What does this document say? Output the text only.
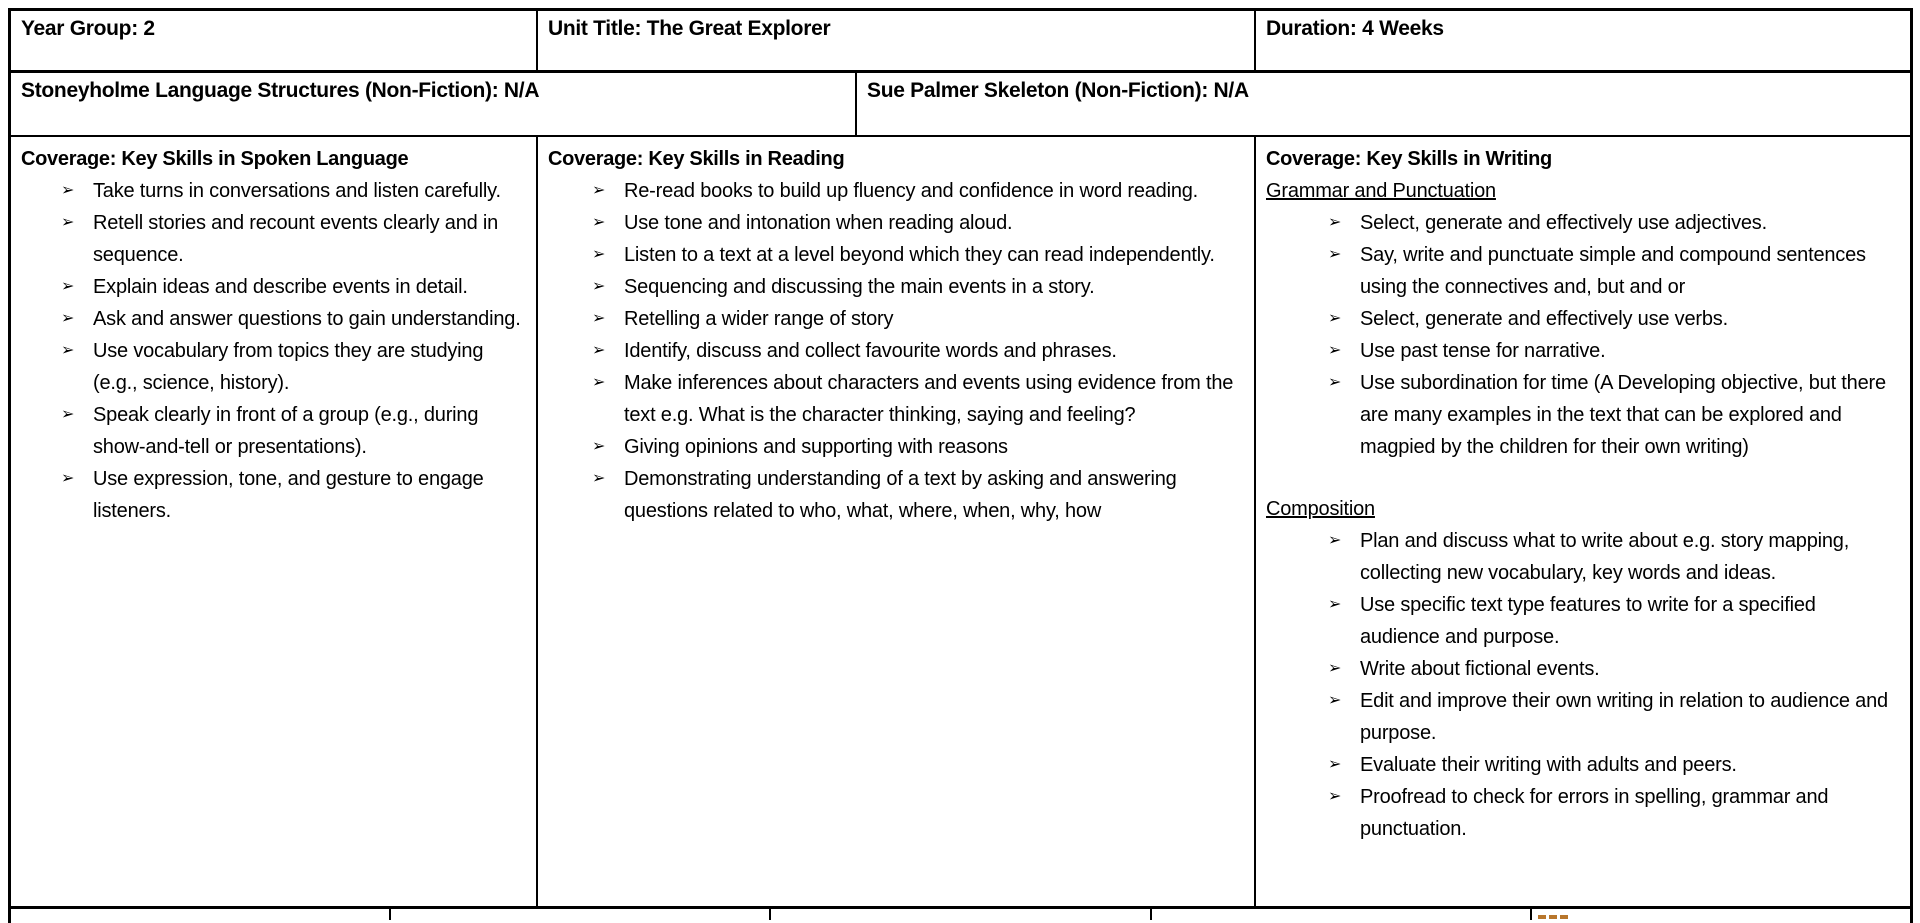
Year Group: 2	Unit Title: The Great Explorer	Duration: 4 Weeks
Stoneyholme Language Structures (Non-Fiction): N/A	Sue Palmer Skeleton (Non-Fiction): N/A
Coverage: Key Skills in Spoken Language
➢ Take turns in conversations and listen carefully.
➢ Retell stories and recount events clearly and in sequence.
➢ Explain ideas and describe events in detail.
➢ Ask and answer questions to gain understanding.
➢ Use vocabulary from topics they are studying (e.g., science, history).
➢ Speak clearly in front of a group (e.g., during show-and-tell or presentations).
➢ Use expression, tone, and gesture to engage listeners.
Coverage: Key Skills in Reading
➢ Re-read books to build up fluency and confidence in word reading.
➢ Use tone and intonation when reading aloud.
➢ Listen to a text at a level beyond which they can read independently.
➢ Sequencing and discussing the main events in a story.
➢ Retelling a wider range of story
➢ Identify, discuss and collect favourite words and phrases.
➢ Make inferences about characters and events using evidence from the text e.g. What is the character thinking, saying and feeling?
➢ Giving opinions and supporting with reasons
➢ Demonstrating understanding of a text by asking and answering questions related to who, what, where, when, why, how
Coverage: Key Skills in Writing
Grammar and Punctuation
➢ Select, generate and effectively use adjectives.
➢ Say, write and punctuate simple and compound sentences using the connectives and, but and or
➢ Select, generate and effectively use verbs.
➢ Use past tense for narrative.
➢ Use subordination for time (A Developing objective, but there are many examples in the text that can be explored and magpied by the children for their own writing)
Composition
➢ Plan and discuss what to write about e.g. story mapping, collecting new vocabulary, key words and ideas.
➢ Use specific text type features to write for a specified audience and purpose.
➢ Write about fictional events.
➢ Edit and improve their own writing in relation to audience and purpose.
➢ Evaluate their writing with adults and peers.
➢ Proofread to check for errors in spelling, grammar and punctuation.
